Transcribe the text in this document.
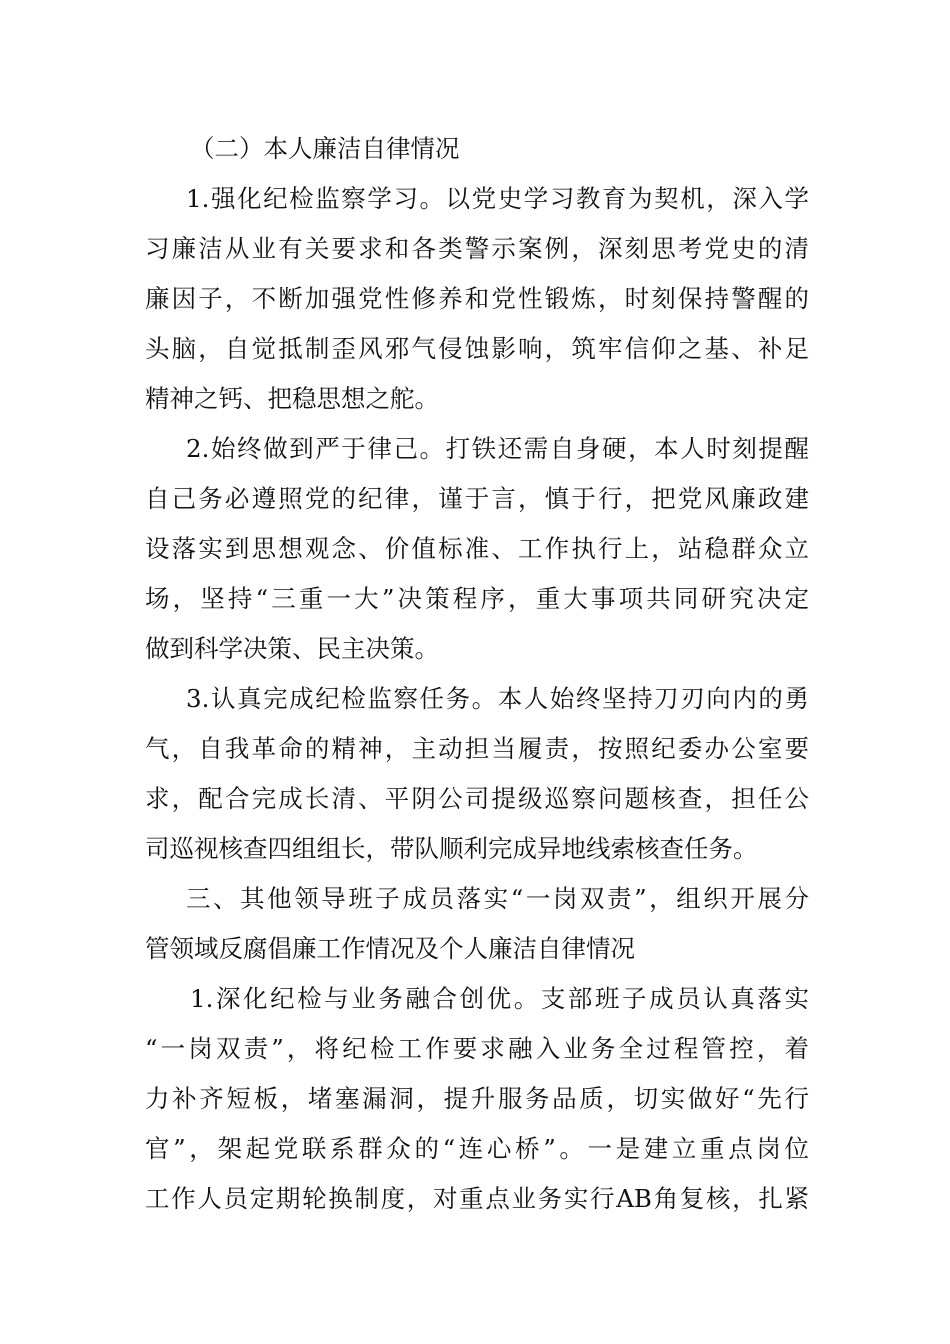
（二）本人廉洁自律情况
1.强化纪检监察学习。以党史学习教育为契机，深入学
习廉洁从业有关要求和各类警示案例，深刻思考党史的清
廉因子，不断加强党性修养和党性锻炼，时刻保持警醒的
头脑，自觉抵制歪风邪气侵蚀影响，筑牢信仰之基、补足
精神之钙、把稳思想之舵。
2.始终做到严于律己。打铁还需自身硬，本人时刻提醒
自己务必遵照党的纪律，谨于言，慎于行，把党风廉政建
设落实到思想观念、价值标准、工作执行上，站稳群众立
场，坚持“三重一大”决策程序，重大事项共同研究决定
做到科学决策、民主决策。
3.认真完成纪检监察任务。本人始终坚持刀刃向内的勇
气，自我革命的精神，主动担当履责，按照纪委办公室要
求，配合完成长清、平阴公司提级巡察问题核查，担任公
司巡视核查四组组长，带队顺利完成异地线索核查任务。
三、其他领导班子成员落实“一岗双责”，组织开展分
管领域反腐倡廉工作情况及个人廉洁自律情况
1.深化纪检与业务融合创优。支部班子成员认真落实
“一岗双责”，将纪检工作要求融入业务全过程管控，着
力补齐短板，堵塞漏洞，提升服务品质，切实做好“先行
官”，架起党联系群众的“连心桥”。一是建立重点岗位
工作人员定期轮换制度，对重点业务实行AB角复核，扎紧
